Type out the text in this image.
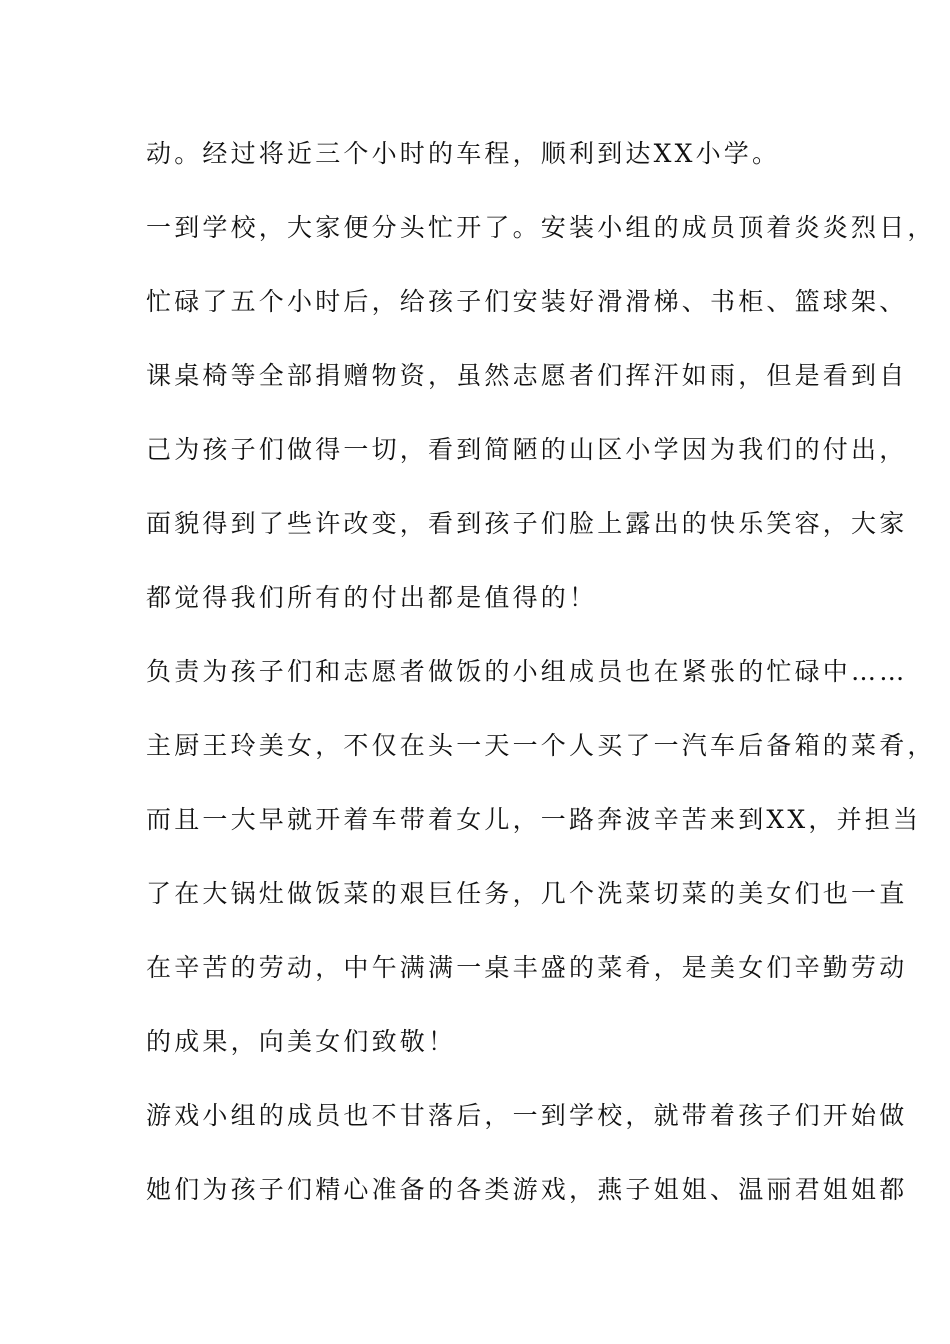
动。经过将近三个小时的车程，顺利到达XX小学。
一到学校，大家便分头忙开了。安装小组的成员顶着炎炎烈日，
忙碌了五个小时后，给孩子们安装好滑滑梯、书柜、篮球架、
课桌椅等全部捐赠物资，虽然志愿者们挥汗如雨，但是看到自
己为孩子们做得一切，看到简陋的山区小学因为我们的付出，
面貌得到了些许改变，看到孩子们脸上露出的快乐笑容，大家
都觉得我们所有的付出都是值得的！
负责为孩子们和志愿者做饭的小组成员也在紧张的忙碌中……
主厨王玲美女，不仅在头一天一个人买了一汽车后备箱的菜肴，
而且一大早就开着车带着女儿，一路奔波辛苦来到XX，并担当
了在大锅灶做饭菜的艰巨任务，几个洗菜切菜的美女们也一直
在辛苦的劳动，中午满满一桌丰盛的菜肴，是美女们辛勤劳动
的成果，向美女们致敬！
游戏小组的成员也不甘落后，一到学校，就带着孩子们开始做
她们为孩子们精心准备的各类游戏，燕子姐姐、温丽君姐姐都
